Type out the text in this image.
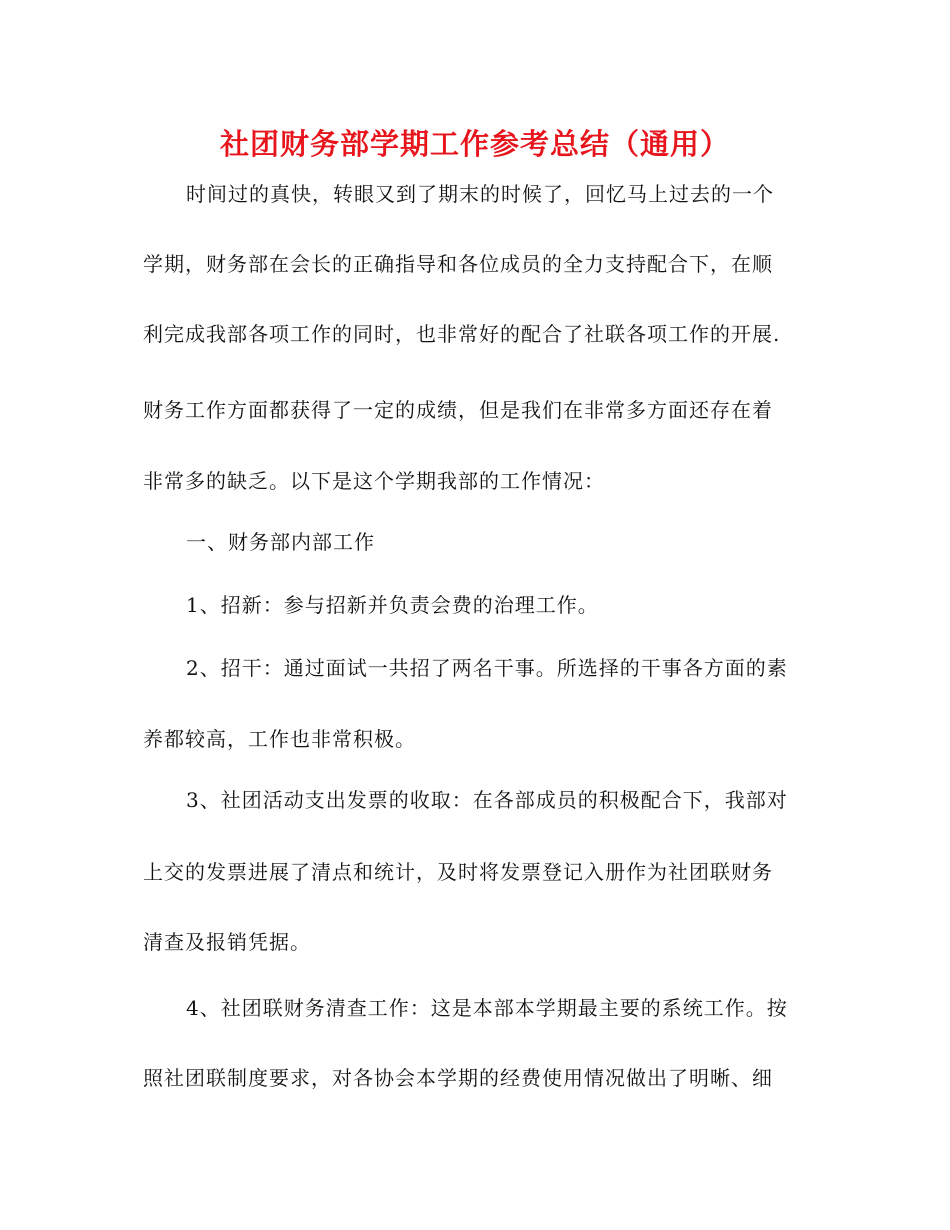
社团财务部学期工作参考总结（通用）

时间过的真快，转眼又到了期末的时候了，回忆马上过去的一个

学期，财务部在会长的正确指导和各位成员的全力支持配合下，在顺

利完成我部各项工作的同时，也非常好的配合了社联各项工作的开展.

财务工作方面都获得了一定的成绩，但是我们在非常多方面还存在着

非常多的缺乏。以下是这个学期我部的工作情况：

一、财务部内部工作

1、招新：参与招新并负责会费的治理工作。

2、招干：通过面试一共招了两名干事。所选择的干事各方面的素

养都较高，工作也非常积极。

3、社团活动支出发票的收取：在各部成员的积极配合下，我部对

上交的发票进展了清点和统计，及时将发票登记入册作为社团联财务

清查及报销凭据。

4、社团联财务清查工作：这是本部本学期最主要的系统工作。按

照社团联制度要求，对各协会本学期的经费使用情况做出了明晰、细
